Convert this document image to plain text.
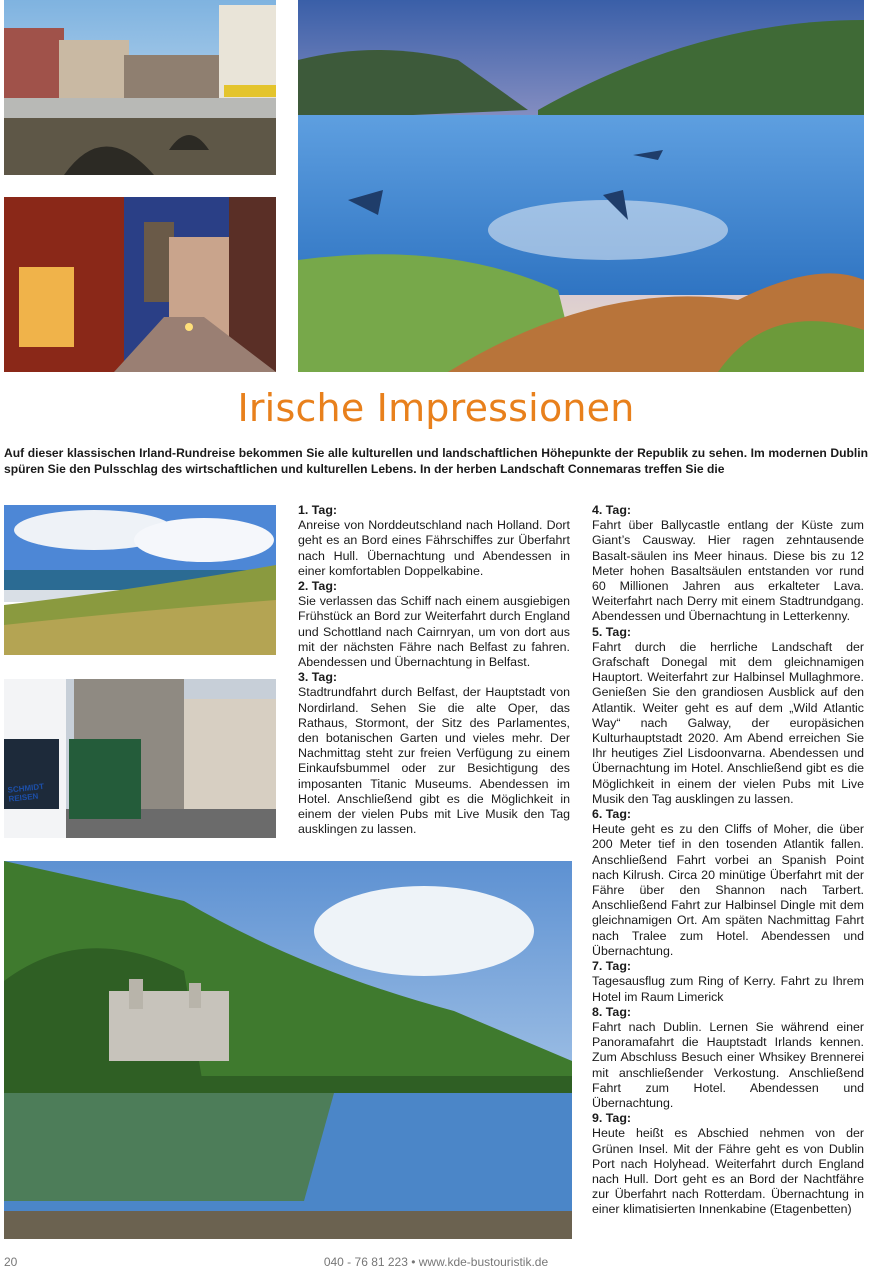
Irische Impressionen

Auf dieser klassischen Irland-Rundreise bekommen Sie alle kulturellen und landschaftlichen Höhepunkte der Republik zu sehen. Im modernen Dublin spüren Sie den Pulsschlag des wirtschaftlichen und kulturellen Lebens. In der herben Landschaft Connemaras treffen Sie die

SCHMIDT REISEN
1. Tag:
Anreise von Norddeutschland nach Holland. Dort geht es an Bord eines Fährschiffes zur Überfahrt nach Hull. Übernachtung und Abendessen in einer komfortablen Doppelkabine.
2. Tag:
Sie verlassen das Schiff nach einem ausgiebigen Frühstück an Bord zur Weiterfahrt durch England und Schottland nach Cairnryan, um von dort aus mit der nächsten Fähre nach Belfast zu fahren. Abendessen und Übernachtung in Belfast.
3. Tag:
Stadtrundfahrt durch Belfast, der Hauptstadt von Nordirland. Sehen Sie die alte Oper, das Rathaus, Stormont, der Sitz des Parlamentes, den botanischen Garten und vieles mehr. Der Nachmittag steht zur freien Verfügung zu einem Einkaufsbummel oder zur Besichtigung des imposanten Titanic Museums. Abendessen im Hotel. Anschließend gibt es die Möglichkeit in einem der vielen Pubs mit Live Musik den Tag ausklingen zu lassen.
4. Tag:
Fahrt über Ballycastle entlang der Küste zum Giant’s Causway. Hier ragen zehntausende Basalt-säulen ins Meer hinaus. Diese bis zu 12 Meter hohen Basaltsäulen entstanden vor rund 60 Millionen Jahren aus erkalteter Lava. Weiterfahrt nach Derry mit einem Stadtrundgang. Abendessen und Übernachtung in Letterkenny.
5. Tag:
Fahrt durch die herrliche Landschaft der Grafschaft Donegal mit dem gleichnamigen Hauptort. Weiterfahrt zur Halbinsel Mullaghmore. Genießen Sie den grandiosen Ausblick auf den Atlantik. Weiter geht es auf dem „Wild Atlantic Way“ nach Galway, der europäsichen Kulturhauptstadt 2020. Am Abend erreichen Sie Ihr heutiges Ziel Lisdoonvarna. Abendessen und Übernachtung im Hotel. Anschließend gibt es die Möglichkeit in einem der vielen Pubs mit Live Musik den Tag ausklingen zu lassen.
6. Tag:
Heute geht es zu den Cliffs of Moher, die über 200 Meter tief in den tosenden Atlantik fallen. Anschließend Fahrt vorbei an Spanish Point nach Kilrush. Circa 20 minütige Überfahrt mit der Fähre über den Shannon nach Tarbert. Anschließend Fahrt zur Halbinsel Dingle mit dem gleichnamigen Ort. Am späten Nachmittag Fahrt nach Tralee zum Hotel. Abendessen und Übernachtung.
7. Tag:
Tagesausflug zum Ring of Kerry. Fahrt zu Ihrem Hotel im Raum Limerick
8. Tag:
Fahrt nach Dublin. Lernen Sie während einer Panoramafahrt die Hauptstadt Irlands kennen. Zum Abschluss Besuch einer Whsikey Brennerei mit anschließender Verkostung. Anschließend Fahrt zum Hotel. Abendessen und Übernachtung.
9. Tag:
Heute heißt es Abschied nehmen von der Grünen Insel. Mit der Fähre geht es von Dublin Port nach Holyhead. Weiterfahrt durch England nach Hull. Dort geht es an Bord der Nachtfähre zur Überfahrt nach Rotterdam. Übernachtung in einer klimatisierten Innenkabine (Etagenbetten)
20	040 - 76 81 223 • www.kde-bustouristik.de
